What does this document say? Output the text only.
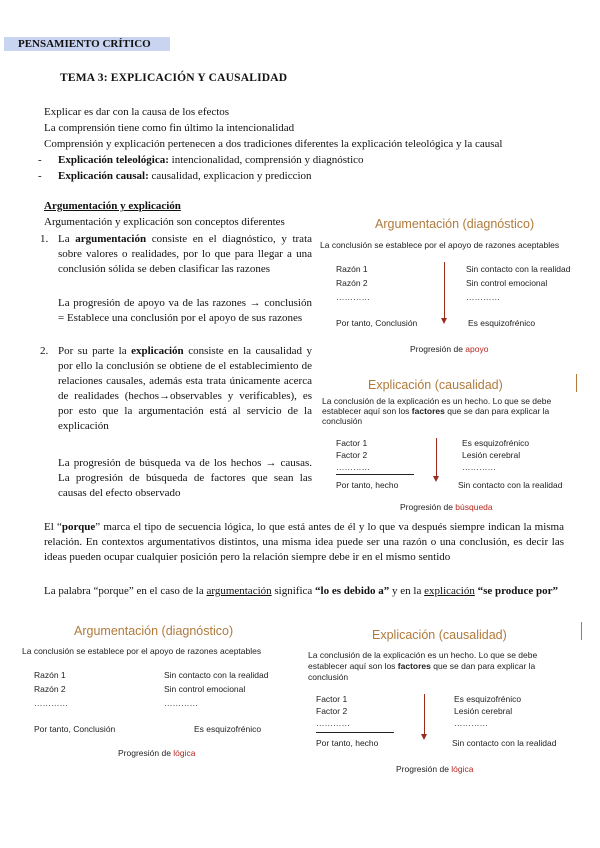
PENSAMIENTO CRÍTICO
TEMA 3: EXPLICACIÓN Y CAUSALIDAD
Explicar es dar con la causa de los efectos
La comprensión tiene como fin último la intencionalidad
Comprensión y explicación pertenecen a dos tradiciones diferentes la explicación teleológica y la causal
- Explicación teleológica: intencionalidad, comprensión y diagnóstico
- Explicación causal: causalidad, explicacion y prediccion
Argumentación y explicación
Argumentación y explicación son conceptos diferentes
1. La argumentación consiste en el diagnóstico, y trata sobre valores o realidades, por lo que para llegar a una conclusión sólida se deben clasificar las razones
La progresión de apoyo va de las razones → conclusión = Establece una conclusión por el apoyo de sus razones
2. Por su parte la explicación consiste en la causalidad y por ello la conclusión se obtiene de el establecimiento de relaciones causales, además esta trata únicamente acerca de realidades (hechos→observables y verificables), es por esto que la argumentación está al servicio de la explicación
La progresión de búsqueda va de los hechos → causas. La progresión de búsqueda de factores que sean las causas del efecto observado
Argumentación (diagnóstico)
La conclusión se establece por el apoyo de razones aceptables
Razón 1
Razón 2
…………
Por tanto, Conclusión
Sin contacto con la realidad
Sin control emocional
…………
Es esquizofrénico
Progresión de apoyo
Explicación (causalidad)
La conclusión de la explicación es un hecho. Lo que se debe
establecer aquí son los factores que se dan para explicar la
conclusión
Factor 1
Factor 2
…………
Por tanto, hecho
Es esquizofrénico
Lesión cerebral
…………
Sin contacto con la realidad
Progresión de búsqueda
El “porque” marca el tipo de secuencia lógica, lo que está antes de él y lo que va después siempre indican la misma relación. En contextos argumentativos distintos, una misma idea puede ser una razón o una conclusión, es decir las ideas pueden ocupar cualquier posición pero la relación siempre debe ir en el mismo sentido
La palabra “porque” en el caso de la argumentación significa “lo es debido a” y en la explicación “se produce por”
Argumentación (diagnóstico)
La conclusión se establece por el apoyo de razones aceptables
Razón 1
Razón 2
…………
Por tanto, Conclusión
Sin contacto con la realidad
Sin control emocional
…………
Es esquizofrénico
Progresión de lógica
Explicación (causalidad)
La conclusión de la explicación es un hecho. Lo que se debe
establecer aquí son los factores que se dan para explicar la
conclusión
Factor 1
Factor 2
…………
Por tanto, hecho
Es esquizofrénico
Lesión cerebral
…………
Sin contacto con la realidad
Progresión de lógica
